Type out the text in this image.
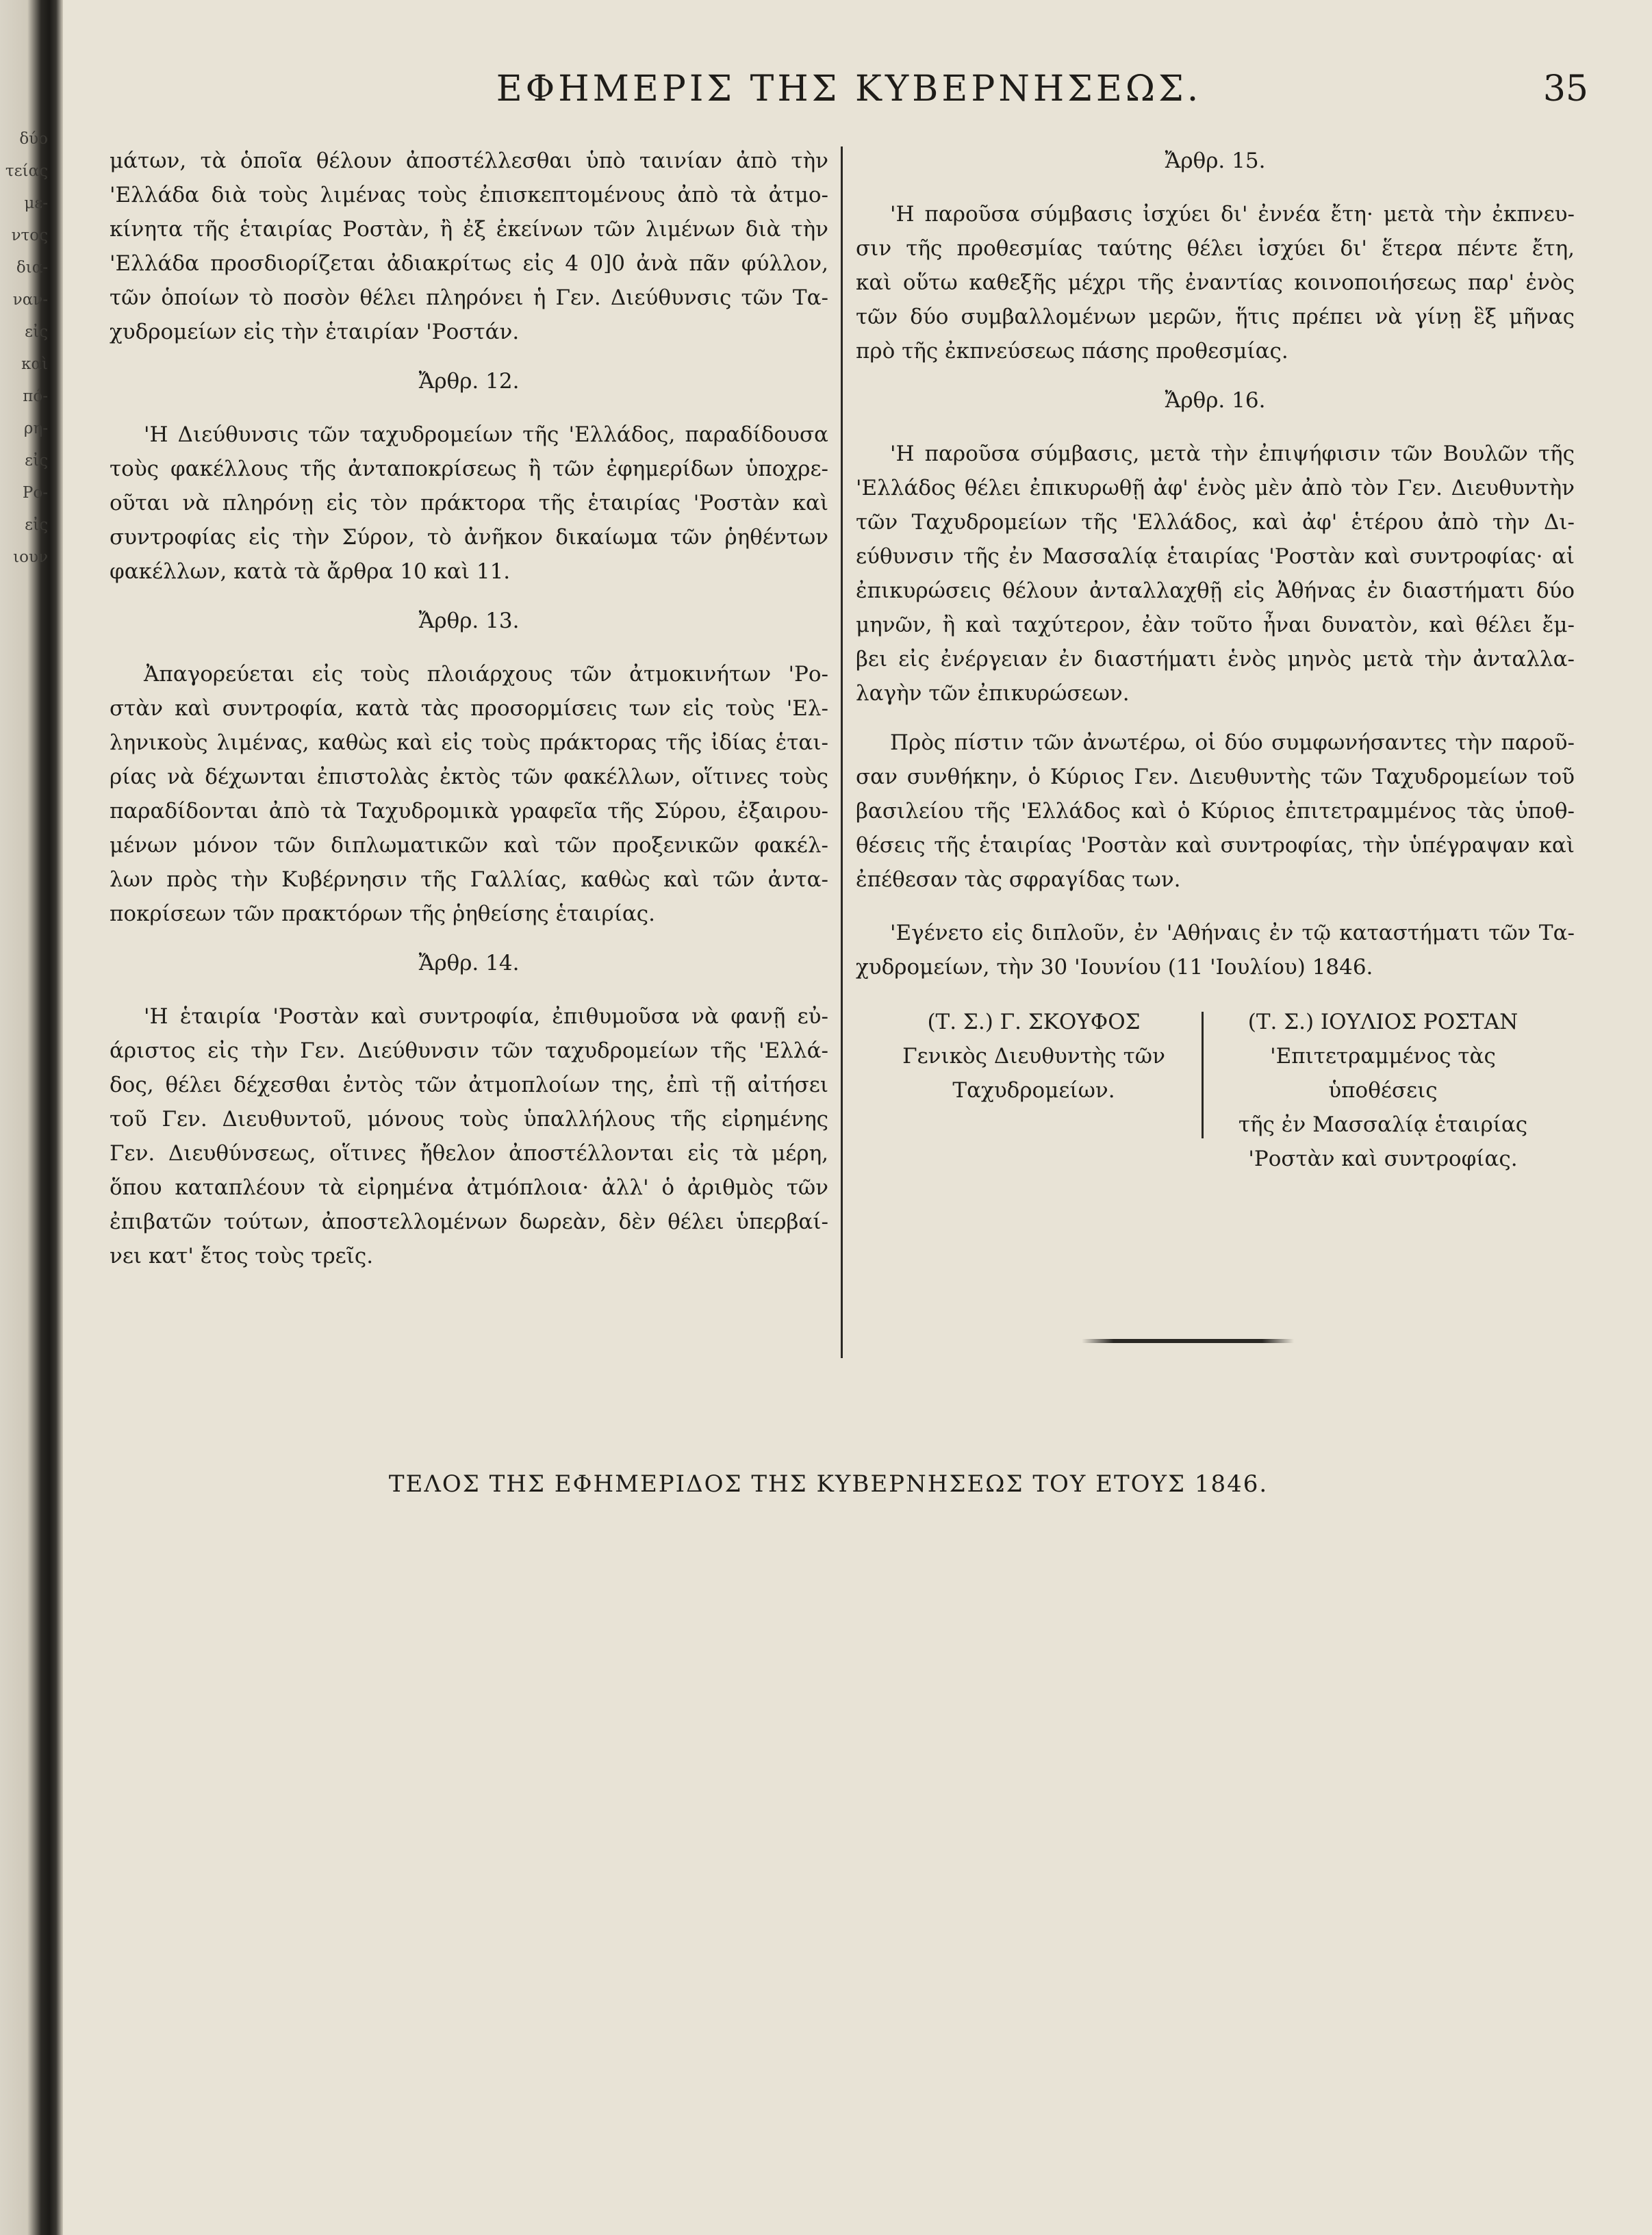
δύο
τείας
με-
ντος
δια-
ναν-
εἰς
καὶ
πό-
ρη-
εἰς
Ρο-
εἰς
ιουν
ΕΦΗΜΕΡΙΣ ΤΗΣ ΚΥΒΕΡΝΗΣΕΩΣ.	35
μάτων, τὰ ὁποῖα θέλουν ἀποστέλλεσθαι ὑπὸ ταινίαν ἀπὸ τὴν
'Ελλάδα διὰ τοὺς λιμένας τοὺς ἐπισκεπτομένους ἀπὸ τὰ ἀτμο-
κίνητα τῆς ἑταιρίας Ροστὰν, ἢ ἐξ ἐκείνων τῶν λιμένων διὰ τὴν
'Ελλάδα προσδιορίζεται ἀδιακρίτως εἰς 4 0]0 ἀνὰ πᾶν φύλλον,
τῶν ὁποίων τὸ ποσὸν θέλει πληρόνει ἡ Γεν. Διεύθυνσις τῶν Τα-
χυδρομείων εἰς τὴν ἑταιρίαν 'Ροστάν.
Ἄρθρ. 12.
'Η Διεύθυνσις τῶν ταχυδρομείων τῆς 'Ελλάδος, παραδίδουσα
τοὺς φακέλλους τῆς ἀνταποκρίσεως ἢ τῶν ἐφημερίδων ὑποχρε-
οῦται νὰ πληρόνῃ εἰς τὸν πράκτορα τῆς ἑταιρίας 'Ροστὰν καὶ
συντροφίας εἰς τὴν Σύρον, τὸ ἀνῆκον δικαίωμα τῶν ῥηθέντων
φακέλλων, κατὰ τὰ ἄρθρα 10 καὶ 11.
Ἄρθρ. 13.
Ἀπαγορεύεται εἰς τοὺς πλοιάρχους τῶν ἀτμοκινήτων 'Ρο-
στὰν καὶ συντροφία, κατὰ τὰς προσορμίσεις των εἰς τοὺς 'Ελ-
ληνικοὺς λιμένας, καθὼς καὶ εἰς τοὺς πράκτορας τῆς ἰδίας ἑται-
ρίας νὰ δέχωνται ἐπιστολὰς ἐκτὸς τῶν φακέλλων, οἵτινες τοὺς
παραδίδονται ἀπὸ τὰ Ταχυδρομικὰ γραφεῖα τῆς Σύρου, ἐξαιρου-
μένων μόνον τῶν διπλωματικῶν καὶ τῶν προξενικῶν φακέλ-
λων πρὸς τὴν Κυβέρνησιν τῆς Γαλλίας, καθὼς καὶ τῶν ἀντα-
ποκρίσεων τῶν πρακτόρων τῆς ῥηθείσης ἑταιρίας.
Ἄρθρ. 14.
'Η ἑταιρία 'Ροστὰν καὶ συντροφία, ἐπιθυμοῦσα νὰ φανῇ εὐ-
άριστος εἰς τὴν Γεν. Διεύθυνσιν τῶν ταχυδρομείων τῆς 'Ελλά-
δος, θέλει δέχεσθαι ἐντὸς τῶν ἀτμοπλοίων της, ἐπὶ τῇ αἰτήσει
τοῦ Γεν. Διευθυντοῦ, μόνους τοὺς ὑπαλλήλους τῆς εἰρημένης
Γεν. Διευθύνσεως, οἵτινες ἤθελον ἀποστέλλονται εἰς τὰ μέρη,
ὅπου καταπλέουν τὰ εἰρημένα ἀτμόπλοια· ἀλλ' ὁ ἀριθμὸς τῶν
ἐπιβατῶν τούτων, ἀποστελλομένων δωρεὰν, δὲν θέλει ὑπερβαί-
νει κατ' ἔτος τοὺς τρεῖς.
Ἄρθρ. 15.
'Η παροῦσα σύμβασις ἰσχύει δι' ἐννέα ἔτη· μετὰ τὴν ἐκπνευ-
σιν τῆς προθεσμίας ταύτης θέλει ἰσχύει δι' ἕτερα πέντε ἔτη,
καὶ οὕτω καθεξῆς μέχρι τῆς ἐναντίας κοινοποιήσεως παρ' ἑνὸς
τῶν δύο συμβαλλομένων μερῶν, ἥτις πρέπει νὰ γίνῃ ἓξ μῆνας
πρὸ τῆς ἐκπνεύσεως πάσης προθεσμίας.
Ἄρθρ. 16.
'Η παροῦσα σύμβασις, μετὰ τὴν ἐπιψήφισιν τῶν Βουλῶν τῆς
'Ελλάδος θέλει ἐπικυρωθῇ ἀφ' ἑνὸς μὲν ἀπὸ τὸν Γεν. Διευθυντὴν
τῶν Ταχυδρομείων τῆς 'Ελλάδος, καὶ ἀφ' ἑτέρου ἀπὸ τὴν Δι-
εύθυνσιν τῆς ἐν Μασσαλίᾳ ἑταιρίας 'Ροστὰν καὶ συντροφίας· αἱ
ἐπικυρώσεις θέλουν ἀνταλλαχθῇ εἰς Ἀθήνας ἐν διαστήματι δύο
μηνῶν, ἢ καὶ ταχύτερον, ἐὰν τοῦτο ἦναι δυνατὸν, καὶ θέλει ἔμ-
βει εἰς ἐνέργειαν ἐν διαστήματι ἑνὸς μηνὸς μετὰ τὴν ἀνταλλα-
λαγὴν τῶν ἐπικυρώσεων.
Πρὸς πίστιν τῶν ἀνωτέρω, οἱ δύο συμφωνήσαντες τὴν παροῦ-
σαν συνθήκην, ὁ Κύριος Γεν. Διευθυντὴς τῶν Ταχυδρομείων τοῦ
βασιλείου τῆς 'Ελλάδος καὶ ὁ Κύριος ἐπιτετραμμένος τὰς ὑποθ-
θέσεις τῆς ἑταιρίας 'Ροστὰν καὶ συντροφίας, τὴν ὑπέγραψαν καὶ
ἐπέθεσαν τὰς σφραγίδας των.
'Εγένετο εἰς διπλοῦν, ἐν 'Αθήναις ἐν τῷ καταστήματι τῶν Τα-
χυδρομείων, τὴν 30 'Ιουνίου (11 'Ιουλίου) 1846.
(Τ. Σ.) Γ. ΣΚΟΥΦΟΣ
Γενικὸς Διευθυντὴς τῶν
Ταχυδρομείων.
(Τ. Σ.) ΙΟΥΛΙΟΣ ΡΟΣΤΑΝ
'Επιτετραμμένος τὰς ὑποθέσεις
τῆς ἐν Μασσαλίᾳ ἑταιρίας
'Ροστὰν καὶ συντροφίας.
ΤΕΛΟΣ ΤΗΣ ΕΦΗΜΕΡΙΔΟΣ ΤΗΣ ΚΥΒΕΡΝΗΣΕΩΣ ΤΟΥ ΕΤΟΥΣ 1846.
